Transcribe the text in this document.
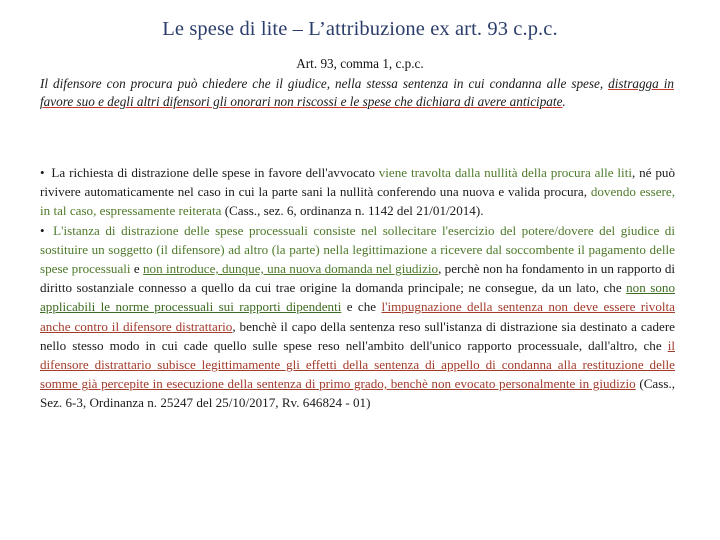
Le spese di lite – L’attribuzione ex art. 93 c.p.c.
Art. 93, comma 1, c.p.c.

Il difensore con procura può chiedere che il giudice, nella stessa sentenza in cui condanna alle spese, distragga in favore suo e degli altri difensori gli onorari non riscossi e le spese che dichiara di avere anticipate.

• La richiesta di distrazione delle spese in favore dell'avvocato viene travolta dalla nullità della procura alle liti, né può rivivere automaticamente nel caso in cui la parte sani la nullità conferendo una nuova e valida procura, dovendo essere, in tal caso, espressamente reiterata (Cass., sez. 6, ordinanza n. 1142 del 21/01/2014).

• L'istanza di distrazione delle spese processuali consiste nel sollecitare l'esercizio del potere/dovere del giudice di sostituire un soggetto (il difensore) ad altro (la parte) nella legittimazione a ricevere dal soccombente il pagamento delle spese processuali e non introduce, dunque, una nuova domanda nel giudizio, perchè non ha fondamento in un rapporto di diritto sostanziale connesso a quello da cui trae origine la domanda principale; ne consegue, da un lato, che non sono applicabili le norme processuali sui rapporti dipendenti e che l'impugnazione della sentenza non deve essere rivolta anche contro il difensore distrattario, benchè il capo della sentenza reso sull'istanza di distrazione sia destinato a cadere nello stesso modo in cui cade quello sulle spese reso nell'ambito dell'unico rapporto processuale, dall'altro, che il difensore distrattario subisce legittimamente gli effetti della sentenza di appello di condanna alla restituzione delle somme già percepite in esecuzione della sentenza di primo grado, benchè non evocato personalmente in giudizio (Cass., Sez. 6-3, Ordinanza n. 25247 del 25/10/2017, Rv. 646824 - 01)
